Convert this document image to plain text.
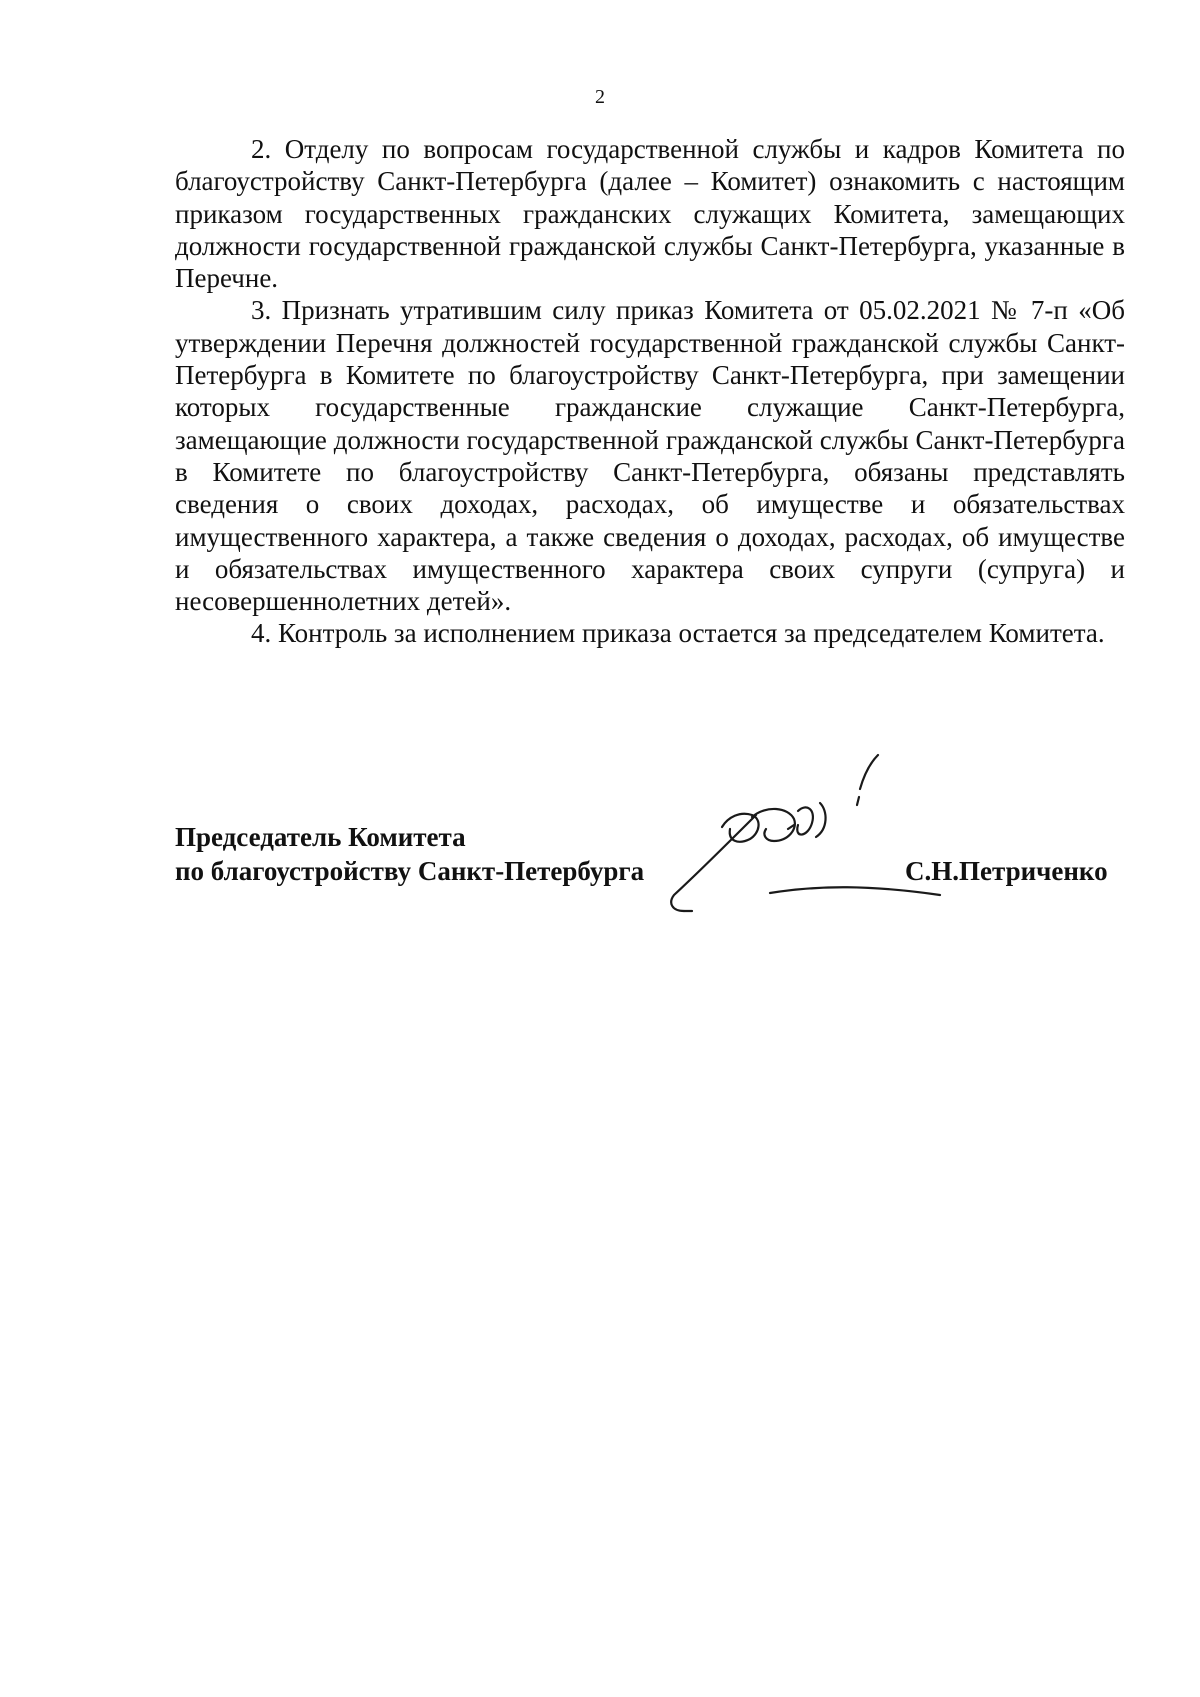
2

2. Отделу по вопросам государственной службы и кадров Комитета по благоустройству Санкт-Петербурга (далее – Комитет) ознакомить с настоящим приказом государственных гражданских служащих Комитета, замещающих должности государственной гражданской службы Санкт-Петербурга, указанные в Перечне.

3. Признать утратившим силу приказ Комитета от 05.02.2021 № 7-п «Об утверждении Перечня должностей государственной гражданской службы Санкт-Петербурга в Комитете по благоустройству Санкт-Петербурга, при замещении которых государственные гражданские служащие Санкт-Петербурга, замещающие должности государственной гражданской службы Санкт-Петербурга в Комитете по благоустройству Санкт-Петербурга, обязаны представлять сведения о своих доходах, расходах, об имуществе и обязательствах имущественного характера, а также сведения о доходах, расходах, об имуществе и обязательствах имущественного характера своих супруги (супруга) и несовершеннолетних детей».

4. Контроль за исполнением приказа остается за председателем Комитета.

Председатель Комитета
по благоустройству Санкт-Петербурга	С.Н.Петриченко
